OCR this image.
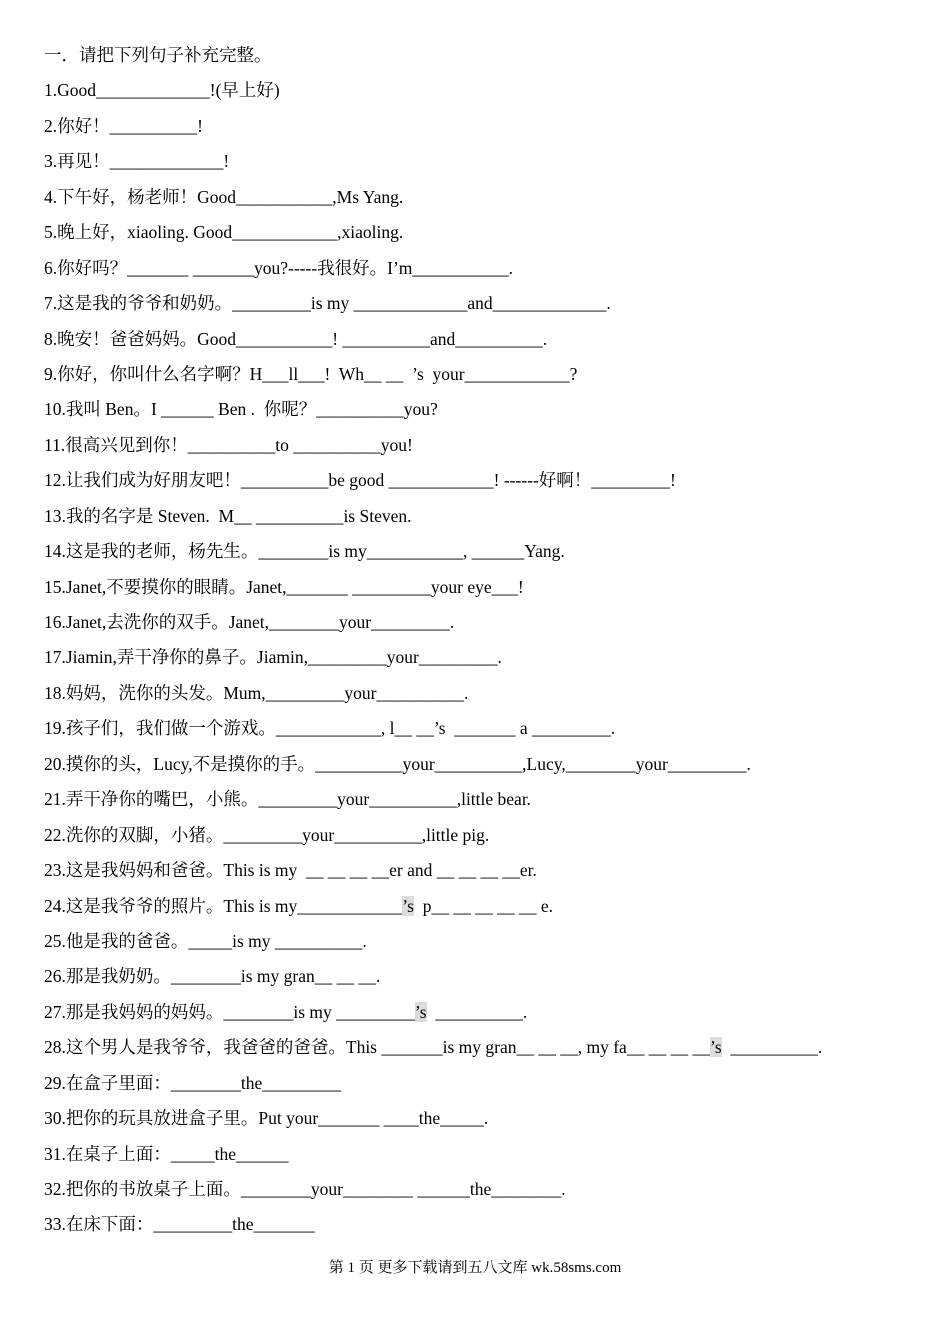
一．请把下列句子补充完整。
1.Good_____________!(早上好)
2.你好！__________!
3.再见！_____________!
4.下午好，杨老师！Good___________,Ms Yang.
5.晚上好，xiaoling. Good____________,xiaoling.
6.你好吗？_______ _______you?-----我很好。I’m___________.
7.这是我的爷爷和奶奶。_________is my _____________and_____________.
8.晚安！爸爸妈妈。Good___________! __________and__________.
9.你好，你叫什么名字啊？H___ll___!  Wh__ __  ’s  your____________?
10.我叫 Ben。I ______ Ben .  你呢？__________you?
11.很高兴见到你！__________to __________you!
12.让我们成为好朋友吧！__________be good ____________! ------好啊！_________!
13.我的名字是 Steven.  M__ __________is Steven.
14.这是我的老师，杨先生。________is my___________, ______Yang.
15.Janet,不要摸你的眼睛。Janet,_______ _________your eye___!
16.Janet,去洗你的双手。Janet,________your_________.
17.Jiamin,弄干净你的鼻子。Jiamin,_________your_________.
18.妈妈，洗你的头发。Mum,_________your__________.
19.孩子们，我们做一个游戏。____________, l__ __’s  _______ a _________.
20.摸你的头，Lucy,不是摸你的手。__________your__________,Lucy,________your_________.
21.弄干净你的嘴巴，小熊。_________your__________,little bear.
22.洗你的双脚，小猪。_________your__________,little pig.
23.这是我妈妈和爸爸。This is my  __ __ __ __er and __ __ __ __er.
24.这是我爷爷的照片。This is my____________’s  p__ __ __ __ __ e.
25.他是我的爸爸。_____is my __________.
26.那是我奶奶。________is my gran__ __ __.
27.那是我妈妈的妈妈。________is my _________’s  __________.
28.这个男人是我爷爷，我爸爸的爸爸。This _______is my gran__ __ __, my fa__ __ __ __’s  __________.
29.在盒子里面：________the_________
30.把你的玩具放进盒子里。Put your_______ ____the_____.
31.在桌子上面：_____the______
32.把你的书放桌子上面。________your________ ______the________.
33.在床下面：_________the_______
第 1 页 更多下载请到五八文库 wk.58sms.com
